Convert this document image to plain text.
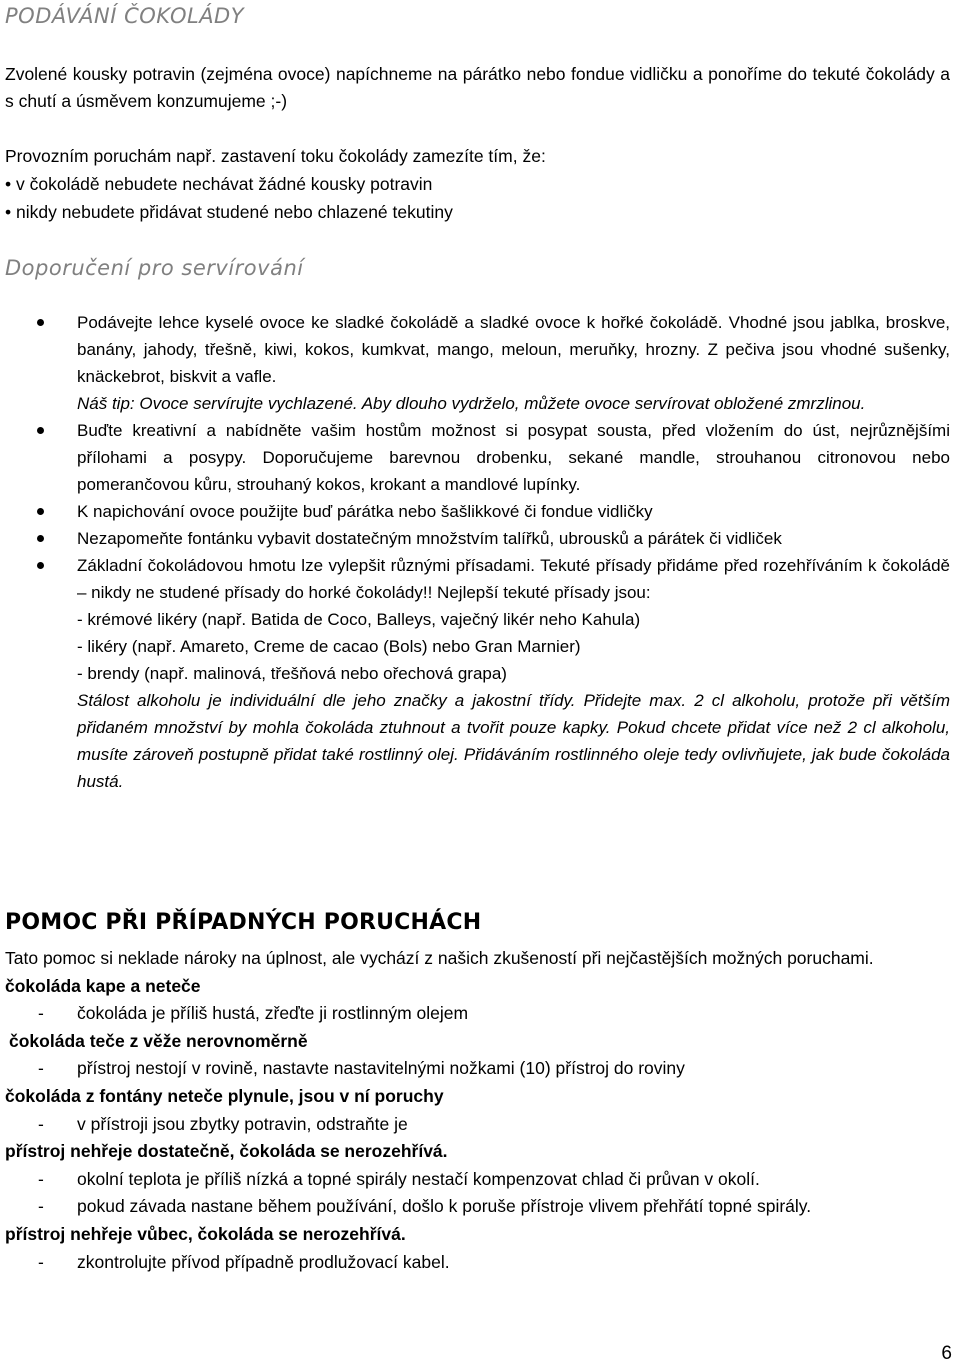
PODÁVÁNÍ ČOKOLÁDY
Zvolené kousky potravin (zejména ovoce) napíchneme na párátko nebo fondue vidličku a ponoříme do tekuté čokolády a s chutí a úsměvem konzumujeme ;-)
Provozním poruchám např. zastavení toku čokolády zamezíte tím, že:
• v čokoládě nebudete nechávat žádné kousky potravin
• nikdy nebudete přidávat studené nebo chlazené tekutiny
Doporučení pro servírování
Podávejte lehce kyselé ovoce ke sladké čokoládě a sladké ovoce k hořké čokoládě. Vhodné jsou jablka, broskve, banány, jahody, třešně, kiwi, kokos, kumkvat, mango, meloun, meruňky, hrozny. Z pečiva jsou vhodné sušenky, knäckebrot, biskvit a vafle.
Náš tip: Ovoce servírujte vychlazené. Aby dlouho vydrželo, můžete ovoce servírovat obložené zmrzlinou.
Buďte kreativní a nabídněte vašim hostům možnost si posypat sousta, před vložením do úst, nejrůznějšími přílohami a posypy. Doporučujeme barevnou drobenku, sekané mandle, strouhanou citronovou nebo pomerančovou kůru, strouhaný kokos, krokant a mandlové lupínky.
K napichování ovoce použijte buď párátka nebo šašlikkové či fondue vidličky
Nezapomeňte fontánku vybavit dostatečným množstvím talířků, ubrousků a párátek či vidliček
Základní čokoládovou hmotu lze vylepšit různými přísadami. Tekuté přísady přidáme před rozehříváním k čokoládě – nikdy ne studené přísady do horké čokolády!! Nejlepší tekuté přísady jsou:
- krémové likéry (např. Batida de Coco, Balleys, vaječný likér neho Kahula)
- likéry (např. Amareto, Creme de cacao (Bols) nebo Gran Marnier)
- brendy (např. malinová, třešňová nebo ořechová grapa)
Stálost alkoholu je individuální dle jeho značky a jakostní třídy. Přidejte max. 2 cl alkoholu, protože při větším přidaném množství by mohla čokoláda ztuhnout a tvořit pouze kapky. Pokud chcete přidat více než 2 cl alkoholu, musíte zároveň postupně přidat také rostlinný olej. Přidáváním rostlinného oleje tedy ovlivňujete, jak bude čokoláda hustá.
POMOC PŘI PŘÍPADNÝCH PORUCHÁCH
Tato pomoc si neklade nároky na úplnost, ale vychází z našich zkušeností při nejčastějších možných poruchami.
čokoláda kape a neteče
- čokoláda je příliš hustá, zřeďte ji rostlinným olejem
čokoláda teče z věže nerovnoměrně
- přístroj nestojí v rovině, nastavte nastavitelnými nožkami (10) přístroj do roviny
čokoláda z fontány neteče plynule, jsou v ní poruchy
- v přístroji jsou zbytky potravin, odstraňte je
přístroj nehřeje dostatečně, čokoláda se nerozehřívá.
- okolní teplota je příliš nízká a topné spirály nestačí kompenzovat chlad či průvan v okolí.
- pokud závada nastane během používání, došlo k poruše přístroje vlivem přehřátí topné spirály.
přístroj nehřeje vůbec, čokoláda se nerozehřívá.
- zkontrolujte přívod případně prodlužovací kabel.
6
